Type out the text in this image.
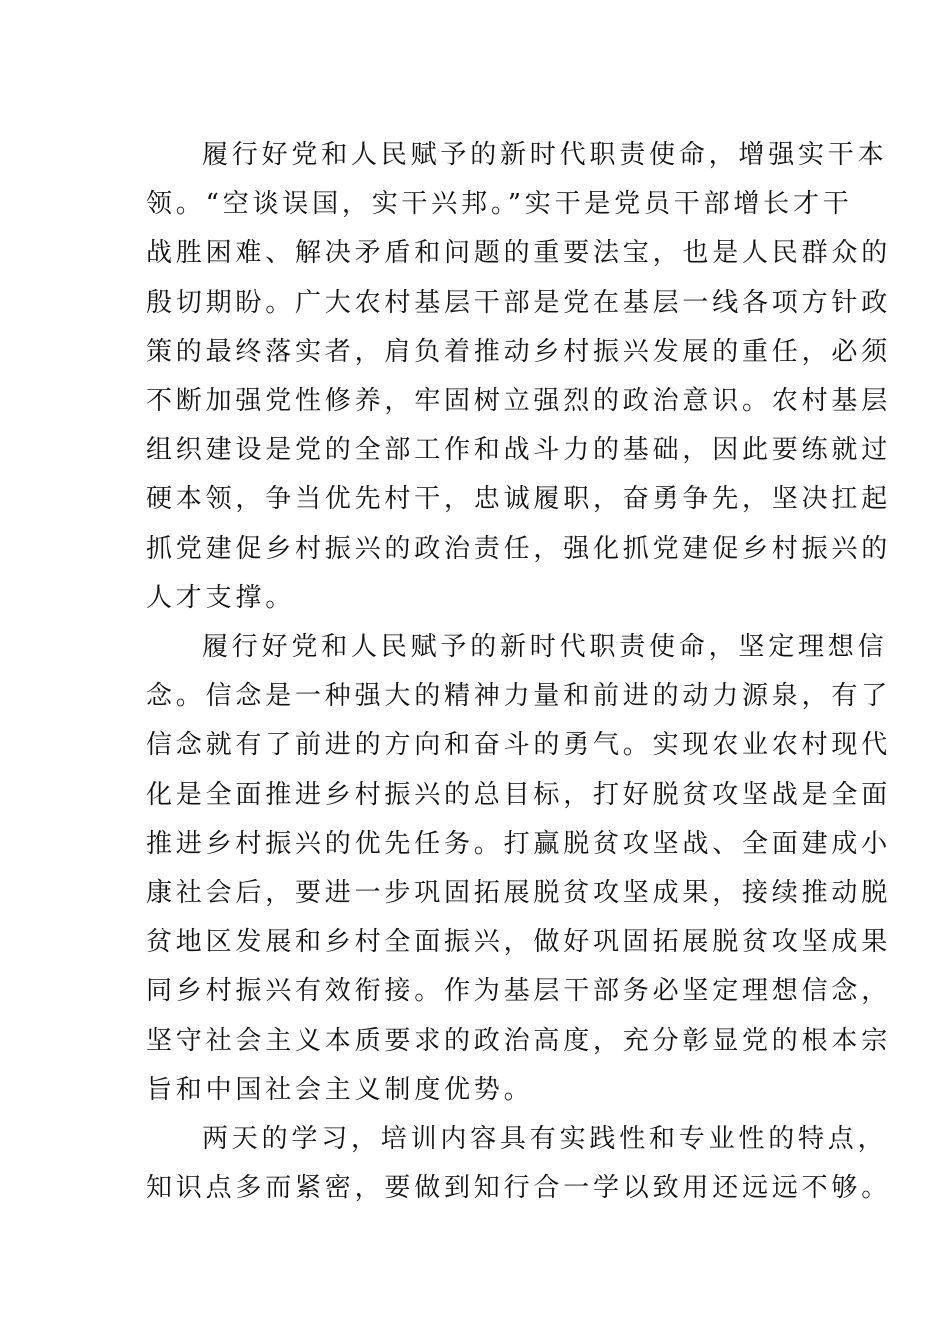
履行好党和人民赋予的新时代职责使命，增强实干本
领。“空谈误国，实干兴邦。”实干是党员干部增长才干
战胜困难、解决矛盾和问题的重要法宝，也是人民群众的
殷切期盼。广大农村基层干部是党在基层一线各项方针政
策的最终落实者，肩负着推动乡村振兴发展的重任，必须
不断加强党性修养，牢固树立强烈的政治意识。农村基层
组织建设是党的全部工作和战斗力的基础，因此要练就过
硬本领，争当优先村干，忠诚履职，奋勇争先，坚决扛起
抓党建促乡村振兴的政治责任，强化抓党建促乡村振兴的
人才支撑。

履行好党和人民赋予的新时代职责使命，坚定理想信
念。信念是一种强大的精神力量和前进的动力源泉，有了
信念就有了前进的方向和奋斗的勇气。实现农业农村现代
化是全面推进乡村振兴的总目标，打好脱贫攻坚战是全面
推进乡村振兴的优先任务。打赢脱贫攻坚战、全面建成小
康社会后，要进一步巩固拓展脱贫攻坚成果，接续推动脱
贫地区发展和乡村全面振兴，做好巩固拓展脱贫攻坚成果
同乡村振兴有效衔接。作为基层干部务必坚定理想信念，
坚守社会主义本质要求的政治高度，充分彰显党的根本宗
旨和中国社会主义制度优势。

两天的学习，培训内容具有实践性和专业性的特点，
知识点多而紧密，要做到知行合一学以致用还远远不够。
